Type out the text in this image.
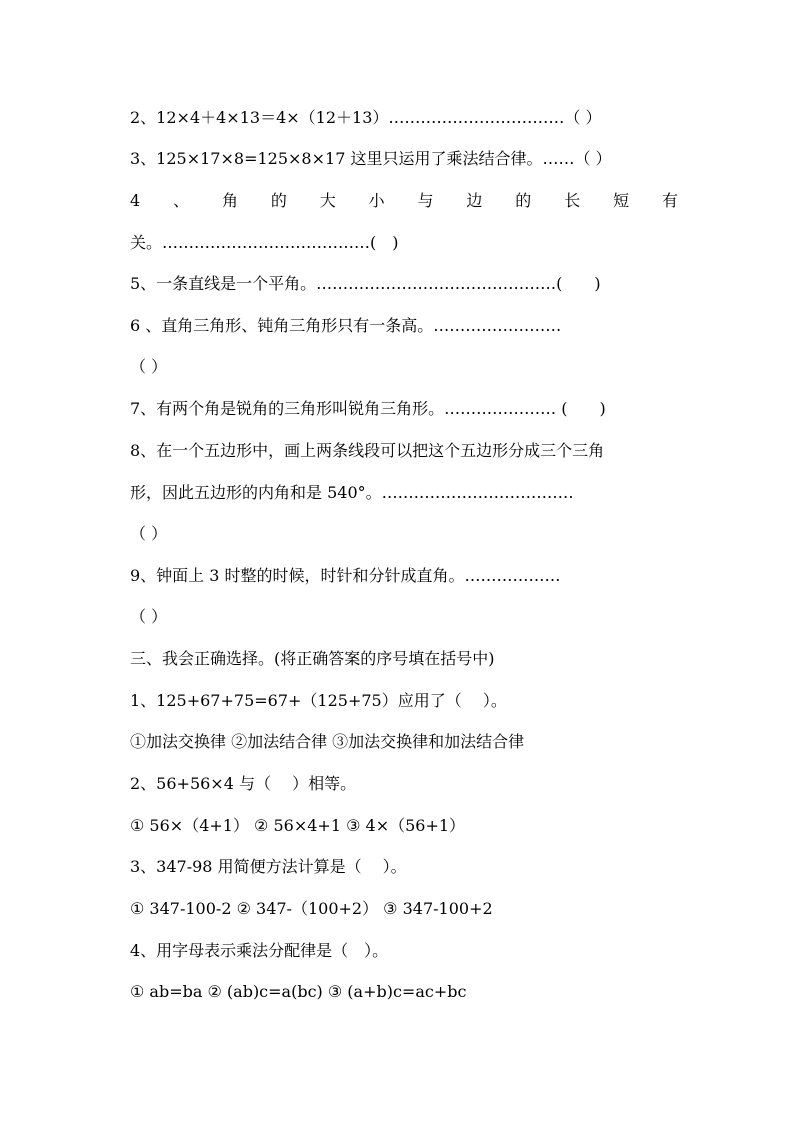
2、12×4＋4×13＝4×（12＋13）……………………………（ ）
3、125×17×8=125×8×17 这里只运用了乘法结合律。……（ ）
4 、 角 的 大 小 与 边 的 长 短 有
关。…………………………………(　)
5、一条直线是一个平角。………………………………………(　　)
6 、直角三角形、钝角三角形只有一条高。……………………
（ ）
7、有两个角是锐角的三角形叫锐角三角形。………………… (　　)
8、在一个五边形中，画上两条线段可以把这个五边形分成三个三角
形，因此五边形的内角和是 540°。………………………………
（ ）
9、钟面上 3 时整的时候，时针和分针成直角。………………
（ ）
三、我会正确选择。(将正确答案的序号填在括号中)
1、125+67+75=67+（125+75）应用了（　 ）。
①加法交换律 ②加法结合律 ③加法交换律和加法结合律
2、56+56×4 与（　 ）相等。
① 56×（4+1） ② 56×4+1 ③ 4×（56+1）
3、347-98 用简便方法计算是（　 ）。
① 347-100-2 ② 347-（100+2） ③ 347-100+2
4、用字母表示乘法分配律是（　）。
① ab=ba ② (ab)c=a(bc) ③ (a+b)c=ac+bc
